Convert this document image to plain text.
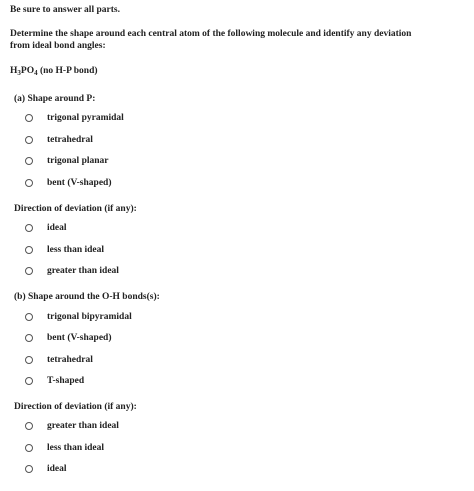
Be sure to answer all parts.
Determine the shape around each central atom of the following molecule and identify any deviation
from ideal bond angles:
$H_3PO_4$ (no H-P bond)
(a) Shape around P:
trigonal pyramidal
tetrahedral
trigonal planar
bent (V-shaped)
Direction of deviation (if any):
ideal
less than ideal
greater than ideal
(b) Shape around the O-H bonds(s):
trigonal bipyramidal
bent (V-shaped)
tetrahedral
T-shaped
Direction of deviation (if any):
greater than ideal
less than ideal
ideal
